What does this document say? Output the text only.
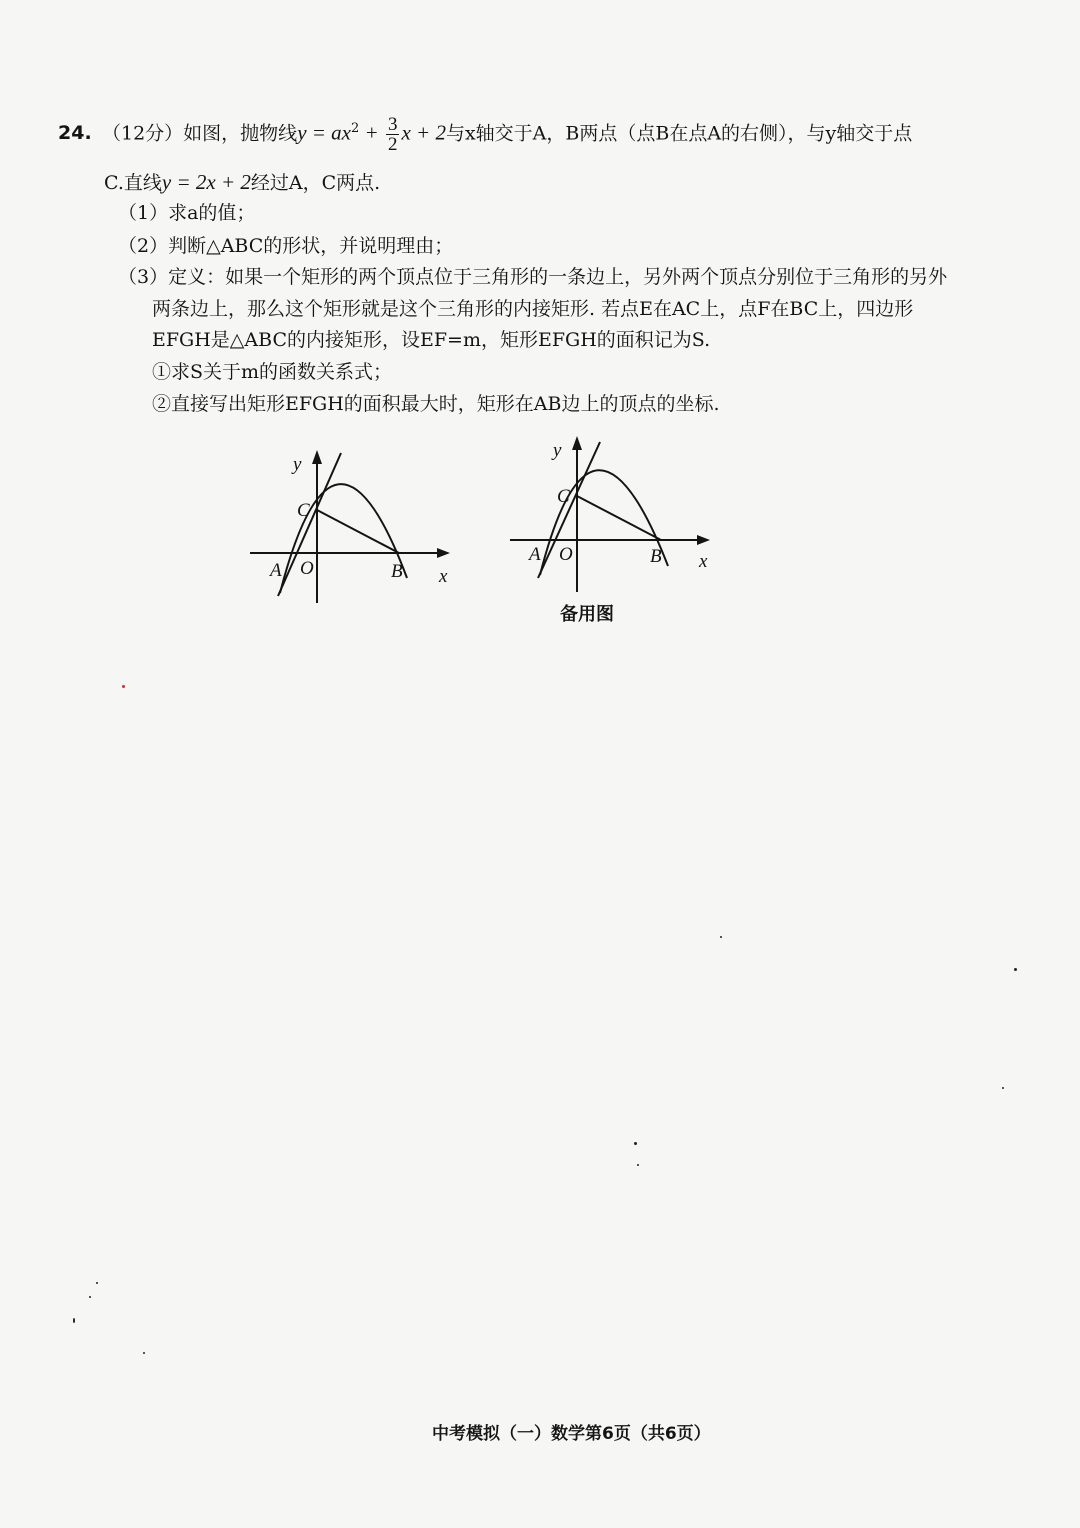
24. （12分）如图，抛物线$y = ax^2 + \frac{3}{2}$ x + 2与x轴交于A，B两点（点B在点A的右侧），与y轴交于点
C.直线y = 2x + 2经过A，C两点.
（1）求a的值；
（2）判断△ABC的形状，并说明理由；
（3）定义：如果一个矩形的两个顶点位于三角形的一条边上，另外两个顶点分别位于三角形的另外
两条边上，那么这个矩形就是这个三角形的内接矩形. 若点E在AC上，点F在BC上，四边形
EFGH是△ABC的内接矩形，设EF=m，矩形EFGH的面积记为S.
①求S关于m的函数关系式；
②直接写出矩形EFGH的面积最大时，矩形在AB边上的顶点的坐标.
y
C
A O	B x
y
C
A O	B x
备用图
中考模拟（一）数学第6页（共6页）
